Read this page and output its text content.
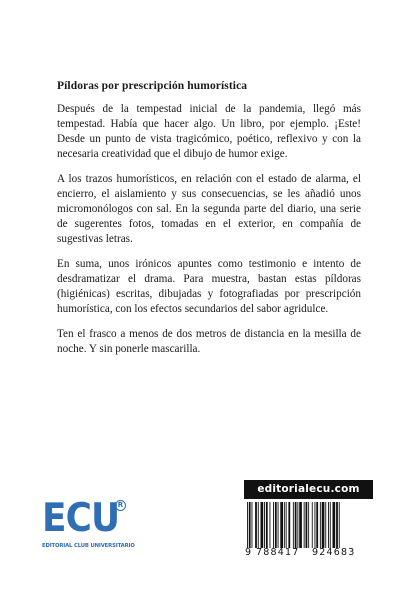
Píldoras por prescripción humorística

Después de la tempestad inicial de la pandemia, llegó más tempestad. Había que hacer algo. Un libro, por ejemplo. ¡Este! Desde un punto de vista tragicómico, poético, reflexivo y con la necesaria creatividad que el dibujo de humor exige.

A los trazos humorísticos, en relación con el estado de alarma, el encierro, el aislamiento y sus consecuencias, se les añadió unos micromonólogos con sal. En la segunda parte del diario, una serie de sugerentes fotos, tomadas en el exterior, en compañía de sugestivas letras.

En suma, unos irónicos apuntes como testimonio e intento de desdramatizar el drama. Para muestra, bastan estas píldoras (higiénicas) escritas, dibujadas y fotografiadas por prescripción humorística, con los efectos secundarios del sabor agridulce.

Ten el frasco a menos de dos metros de distancia en la mesilla de noche. Y sin ponerle mascarilla.

ECU
R
EDITORIAL CLUB UNIVERSITARIO
editorialecu.com
9 788417 924683
